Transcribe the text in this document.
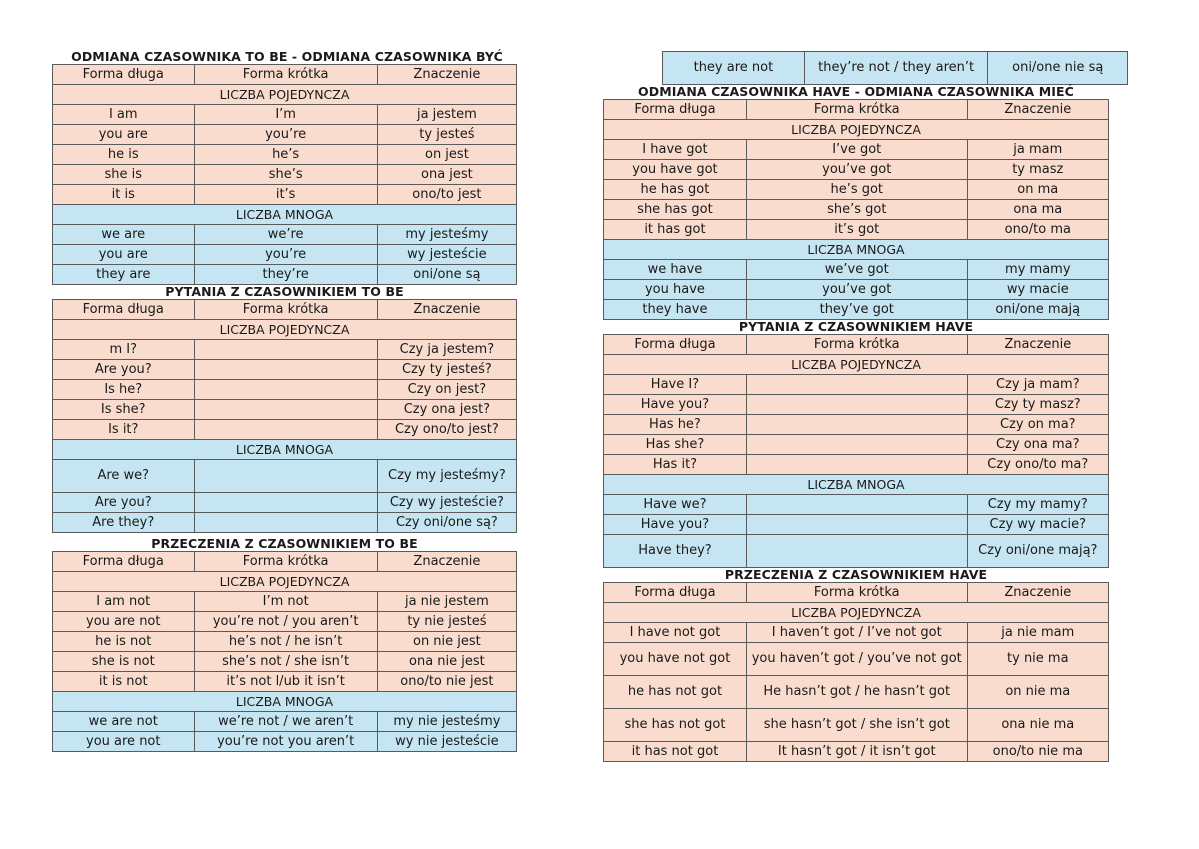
ODMIANA CZASOWNIKA TO BE - ODMIANA CZASOWNIKA BYĆ
Forma długa	Forma krótka	Znaczenie
LICZBA POJEDYNCZA		
I am	I’m	ja jestem
you are	you’re	ty jesteś
he is	he’s	on jest
she is	she’s	ona jest
it is	it’s	ono/to jest
LICZBA MNOGA		
we are	we’re	my jesteśmy
you are	you’re	wy jesteście
they are	they’re	oni/one są
PYTANIA Z CZASOWNIKIEM TO BE
Forma długa	Forma krótka	Znaczenie
LICZBA POJEDYNCZA		
m I?		Czy ja jestem?
Are you?		Czy ty jesteś?
Is he?		Czy on jest?
Is she?		Czy ona jest?
Is it?		Czy ono/to jest?
LICZBA MNOGA		
Are we?		Czy my jesteśmy?
Are you?		Czy wy jesteście?
Are they?		Czy oni/one są?
PRZECZENIA Z CZASOWNIKIEM TO BE
Forma długa	Forma krótka	Znaczenie
LICZBA POJEDYNCZA		
I am not	I’m not	ja nie jestem
you are not	you’re not / you aren’t	ty nie jesteś
he is not	he’s not / he isn’t	on nie jest
she is not	she’s not / she isn’t	ona nie jest
it is not	it’s not l/ub it isn’t	ono/to nie jest
LICZBA MNOGA		
we are not	we’re not / we aren’t	my nie jesteśmy
you are not	you’re not you aren’t	wy nie jesteście
they are not	they’re not / they aren’t	oni/one nie są
ODMIANA CZASOWNIKA HAVE - ODMIANA CZASOWNIKA MIEĆ
Forma długa	Forma krótka	Znaczenie
LICZBA POJEDYNCZA		
I have got	I’ve got	ja mam
you have got	you’ve got	ty masz
he has got	he’s got	on ma
she has got	she’s got	ona ma
it has got	it’s got	ono/to ma
LICZBA MNOGA		
we have	we’ve got	my mamy
you have	you’ve got	wy macie
they have	they’ve got	oni/one mają
PYTANIA Z CZASOWNIKIEM HAVE
Forma długa	Forma krótka	Znaczenie
LICZBA POJEDYNCZA		
Have I?		Czy ja mam?
Have you?		Czy ty masz?
Has he?		Czy on ma?
Has she?		Czy ona ma?
Has it?		Czy ono/to ma?
LICZBA MNOGA		
Have we?		Czy my mamy?
Have you?		Czy wy macie?
Have they?		Czy oni/one mają?
PRZECZENIA Z CZASOWNIKIEM HAVE
Forma długa	Forma krótka	Znaczenie
LICZBA POJEDYNCZA		
I have not got	I haven’t got / I’ve not got	ja nie mam
you have not got	you haven’t got / you’ve not got	ty nie ma
he has not got	He hasn’t got / he hasn’t got	on nie ma
she has not got	she hasn’t got / she isn’t got	ona nie ma
it has not got	It hasn’t got / it isn’t got	ono/to nie ma
